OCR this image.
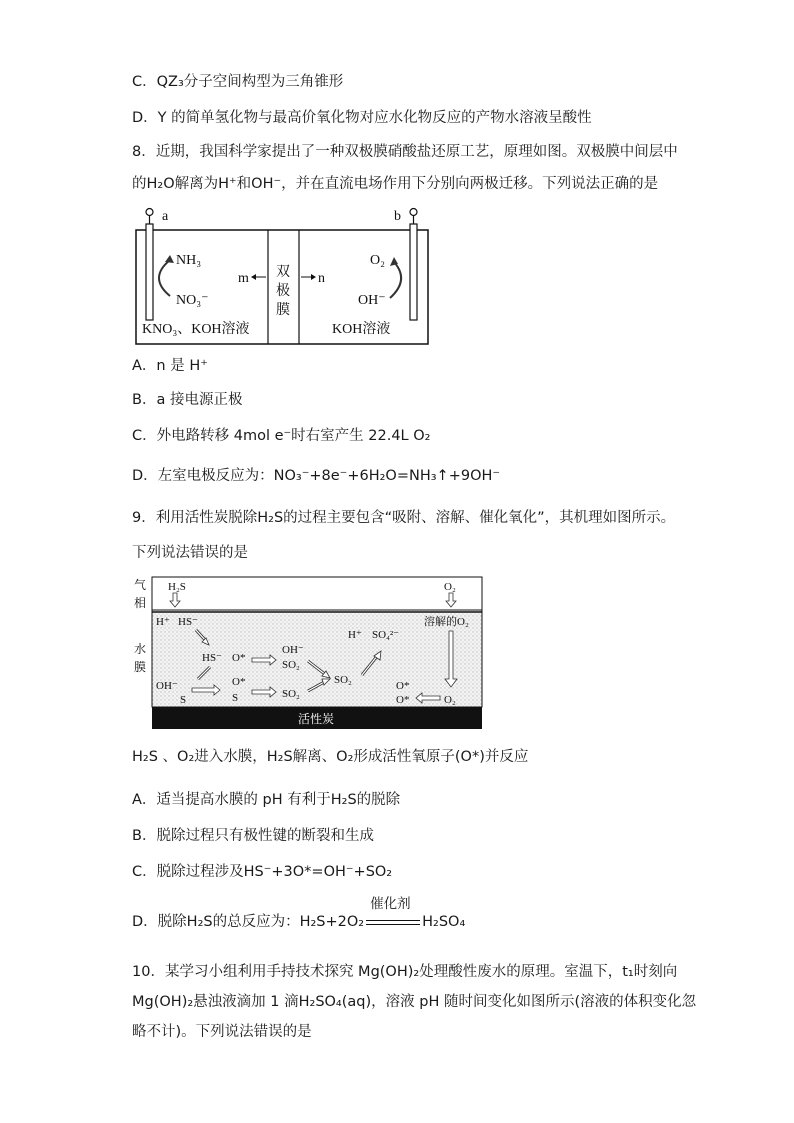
C．QZ₃分子空间构型为三角锥形
D．Y 的简单氢化物与最高价氧化物对应水化物反应的产物水溶液呈酸性
8．近期，我国科学家提出了一种双极膜硝酸盐还原工艺，原理如图。双极膜中间层中
的H₂O解离为H⁺和OH⁻，并在直流电场作用下分别向两极迁移。下列说法正确的是
a	b
NH₃
NO₃⁻
O₂
OH⁻
双
极
膜
m	n
KNO₃、KOH溶液	KOH溶液
A．n 是 H⁺
B．a 接电源正极
C．外电路转移 4mol e⁻时右室产生 22.4L O₂
D．左室电极反应为：NO₃⁻+8e⁻+6H₂O=NH₃↑+9OH⁻
9．利用活性炭脱除H₂S的过程主要包含“吸附、溶解、催化氧化”，其机理如图所示。
下列说法错误的是
活性炭
气
相
水
膜
H₂S	O₂
H⁺ HS⁻
HS⁻ O*
OH⁻
SO₂
SO₂
H⁺ SO₄²⁻
溶解的O₂
OH⁻
S
O*
S	SO₂
O*
O*	O₂
H₂S 、O₂进入水膜，H₂S解离、O₂形成活性氧原子(O*)并反应
A．适当提高水膜的 pH 有利于H₂S的脱除
B．脱除过程只有极性键的断裂和生成
C．脱除过程涉及HS⁻+3O*=OH⁻+SO₂
D．脱除H₂S的总反应为：H₂S+2O₂
催化剂
H₂SO₄
10．某学习小组利用手持技术探究 Mg(OH)₂处理酸性废水的原理。室温下，t₁时刻向
Mg(OH)₂悬浊液滴加 1 滴H₂SO₄(aq)，溶液 pH 随时间变化如图所示(溶液的体积变化忽
略不计)。下列说法错误的是
